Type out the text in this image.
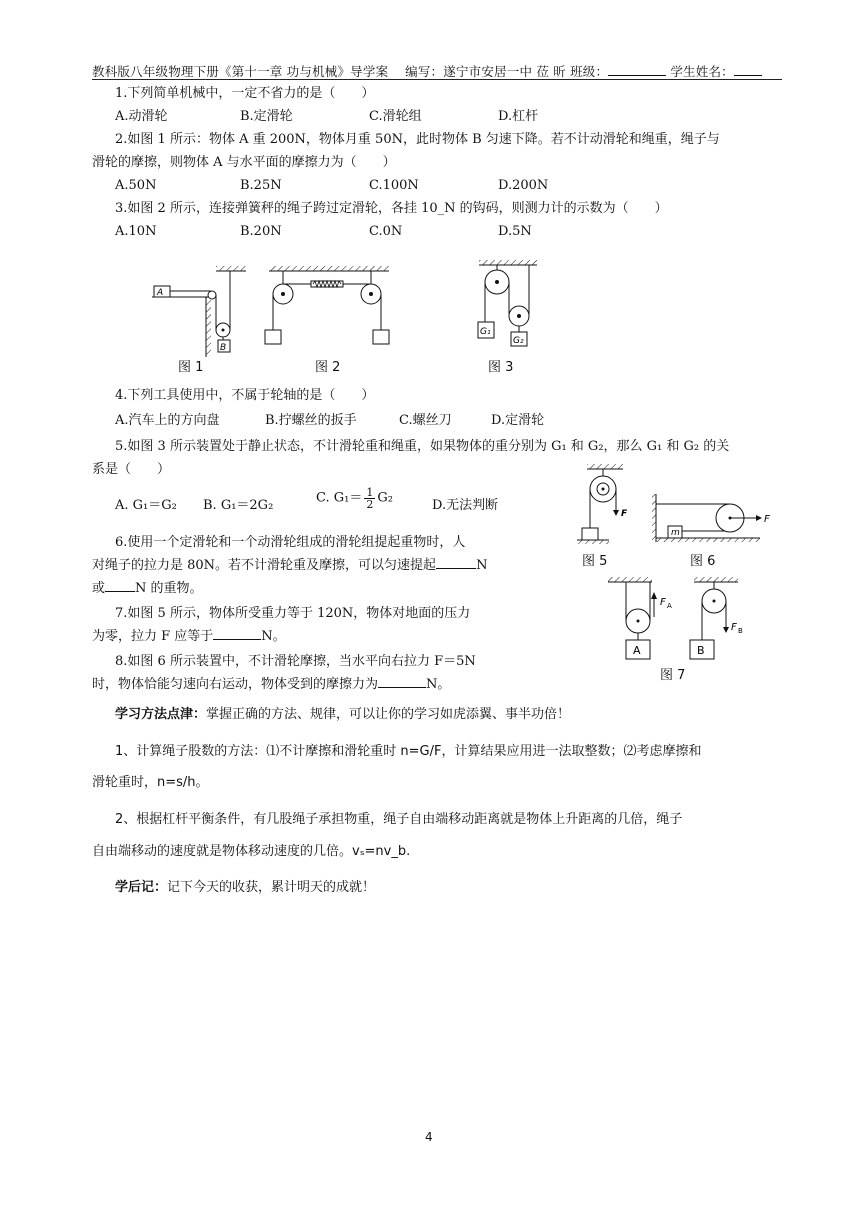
教科版八年级物理下册《第十一章 功与机械》导学案　 编写：遂宁市安居一中 莅 昕 班级：	学生姓名：
1.下列简单机械中，一定不省力的是（　　）
A.动滑轮	B.定滑轮	C.滑轮组	D.杠杆
2.如图 1 所示：物体 A 重 200N，物体月重 50N，此时物体 B 匀速下降。若不计动滑轮和绳重，绳子与
滑轮的摩擦，则物体 A 与水平面的摩擦力为（　　）
A.50N	B.25N	C.100N	D.200N
3.如图 2 所示，连接弹簧秤的绳子跨过定滑轮，各挂 10_N 的钩码，则测力计的示数为（　　）
A.10N	B.20N	C.0N	D.5N
A
B
图 1	图 2
G₁
G₂
图 3
4.下列工具使用中，不属于轮轴的是（　　）
A.汽车上的方向盘	B.拧螺丝的扳手	C.螺丝刀	D.定滑轮
5.如图 3 所示装置处于静止状态，不计滑轮重和绳重，如果物体的重分别为 G₁ 和 G₂，那么 G₁ 和 G₂ 的关
系是（　　）
A. G₁＝G₂ B. G₁＝2G₂	C. $G_1= \frac{1}{2} G_2$	D.无法判断
F
图 5
m
F
图 6
6.使用一个定滑轮和一个动滑轮组成的滑轮组提起重物时，人
对绳子的拉力是 80N。若不计滑轮重及摩擦，可以匀速提起	N
或 N 的重物。
F A
A
F B
B
图 7
7.如图 5 所示，物体所受重力等于 120N，物体对地面的压力
为零，拉力 F 应等于	N。
8.如图 6 所示装置中，不计滑轮摩擦，当水平向右拉力 F＝5N
时，物体恰能匀速向右运动，物体受到的摩擦力为	N。
学习方法点津：掌握正确的方法、规律，可以让你的学习如虎添翼、事半功倍！
1、计算绳子股数的方法：⑴不计摩擦和滑轮重时 n=G/F，计算结果应用进一法取整数；⑵考虑摩擦和
滑轮重时，n=s/h。
2、根据杠杆平衡条件，有几股绳子承担物重，绳子自由端移动距离就是物体上升距离的几倍，绳子
自由端移动的速度就是物体移动速度的几倍。vₛ=nv_b.
学后记：记下今天的收获，累计明天的成就！
4
